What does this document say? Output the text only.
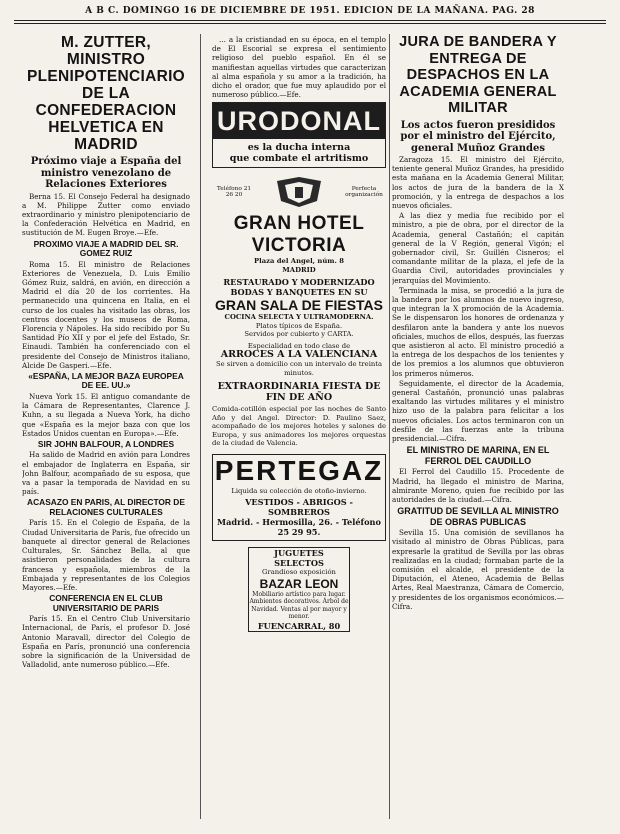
A B C. DOMINGO 16 DE DICIEMBRE DE 1951. EDICION DE LA MAÑANA. PAG. 28
M. ZUTTER, MINISTRO PLENIPOTENCIARIO DE LA CONFEDERACION HELVETICA EN MADRID
Próximo viaje a España del ministro venezolano de Relaciones Exteriores
Berna 15. El Consejo Federal ha designado a M. Philippe Zutter como enviado extraordinario y ministro plenipotenciario de la Confederación Helvética en Madrid, en sustitución de M. Eugen Broye.—Efe.
PROXIMO VIAJE A MADRID DEL SR. GOMEZ RUIZ
Roma 15. El ministro de Relaciones Exteriores de Venezuela, D. Luis Emilio Gómez Ruiz, saldrá, en avión, en dirección a Madrid el día 20 de los corrientes. Ha permanecido una quincena en Italia, en el curso de los cuales ha visitado las obras, los centros docentes y los museos de Roma, Florencia y Nápoles. Ha sido recibido por Su Santidad Pío XII y por el jefe del Estado, Sr. Einaudi. También ha conferenciado con el presidente del Consejo de Ministros italiano, Alcide De Gasperi.—Efe.
«ESPAÑA, LA MEJOR BAZA EUROPEA DE EE. UU.»
Nueva York 15. El antiguo comandante de la Cámara de Representantes, Clarence J. Kuhn, a su llegada a Nueva York, ha dicho que «España es la mejor baza con que los Estados Unidos cuentan en Europa».—Efe.
SIR JOHN BALFOUR, A LONDRES
Ha salido de Madrid en avión para Londres el embajador de Inglaterra en España, sir John Balfour, acompañado de su esposa, que va a pasar la temporada de Navidad en su país.
ACASAZO EN PARIS, AL DIRECTOR DE RELACIONES CULTURALES
París 15. En el Colegio de España, de la Ciudad Universitaria de París, fue ofrecido un banquete al director general de Relaciones Culturales, Sr. Sánchez Bella, al que asistieron personalidades de la cultura francesa y española, miembros de la Embajada y representantes de los Colegios Mayores.—Efe.
CONFERENCIA EN EL CLUB UNIVERSITARIO DE PARIS
París 15. En el Centro Club Universitario Internacional, de París, el profesor D. José Antonio Maravall, director del Colegio de España en París, pronunció una conferencia sobre la significación de la Universidad de Valladolid, ante numeroso público.—Efe.
... a la cristiandad en su época, en el templo de El Escorial se expresa el sentimiento religioso del pueblo español. En él se manifiestan aquellas virtudes que caracterizan al alma española y su amor a la tradición, ha dicho el orador, que fue muy aplaudido por el numeroso público.—Efe.
URODONAL
es la ducha interna
que combate el artritismo
Teléfono 21 26 20
Perfecta organización
GRAN HOTEL VICTORIA
Plaza del Angel, núm. 8
MADRID
RESTAURADO Y MODERNIZADO
BODAS Y BANQUETES EN SU
GRAN SALA DE FIESTAS
COCINA SELECTA Y ULTRAMODERNA.
Platos típicos de España.
Servidos por cubierto y CARTA.
Especialidad en todo clase de
ARROCES A LA VALENCIANA
Se sirven a domicilio con un intervalo de treinta minutos.
EXTRAORDINARIA FIESTA DE FIN DE AÑO
Comida-cotillón especial por las noches de Santo Año y del Angel. Director: D. Paulino Saez, acompañado de los mejores hoteles y salones de Europa, y sus animadores los mejores orquestas de la ciudad de Valencia.
PERTEGAZ
Liquida su colección de otoño-invierno.
VESTIDOS - ABRIGOS - SOMBREROS
Madrid. - Hermosilla, 26. - Teléfono 25 29 95.
JUGUETES SELECTOS
Grandioso exposición
BAZAR LEON
Mobiliario artístico para lugar. Ambientes decorativos. Árbol de Navidad. Ventas al por mayor y menor.
FUENCARRAL, 80
JURA DE BANDERA Y ENTREGA DE DESPACHOS EN LA ACADEMIA GENERAL MILITAR
Los actos fueron presididos por el ministro del Ejército, general Muñoz Grandes
Zaragoza 15. El ministro del Ejército, teniente general Muñoz Grandes, ha presidido esta mañana en la Academia General Militar, los actos de jura de la bandera de la X promoción, y la entrega de despachos a los nuevos oficiales.
A las diez y media fue recibido por el ministro, a pie de obra, por el director de la Academia, general Castañón; el capitán general de la V Región, general Vigón; el gobernador civil, Sr. Guillén Cisneros; el comandante militar de la plaza, el jefe de la Guardia Civil, autoridades provinciales y jerarquías del Movimiento.
Terminada la misa, se procedió a la jura de la bandera por los alumnos de nuevo ingreso, que integran la X promoción de la Academia. Se le dispensaron los honores de ordenanza y desfilaron ante la bandera y ante los nuevos oficiales, muchos de ellos, después, las fuerzas que asistieron al acto. El ministro procedió a la entrega de los despachos de los tenientes y de los premios a los alumnos que obtuvieron los primeros números.
Seguidamente, el director de la Academia, general Castañón, pronunció unas palabras exaltando las virtudes militares y el ministro hizo uso de la palabra para felicitar a los nuevos oficiales. Los actos terminaron con un desfile de las fuerzas ante la tribuna presidencial.—Cifra.
EL MINISTRO DE MARINA, EN EL FERROL DEL CAUDILLO
El Ferrol del Caudillo 15. Procedente de Madrid, ha llegado el ministro de Marina, almirante Moreno, quien fue recibido por las autoridades de la ciudad.—Cifra.
GRATITUD DE SEVILLA AL MINISTRO DE OBRAS PUBLICAS
Sevilla 15. Una comisión de sevillanos ha visitado al ministro de Obras Públicas, para expresarle la gratitud de Sevilla por las obras realizadas en la ciudad; formaban parte de la comisión el alcalde, el presidente de la Diputación, el Ateneo, Academia de Bellas Artes, Real Maestranza, Cámara de Comercio, y presidentes de los organismos económicos.—Cifra.
